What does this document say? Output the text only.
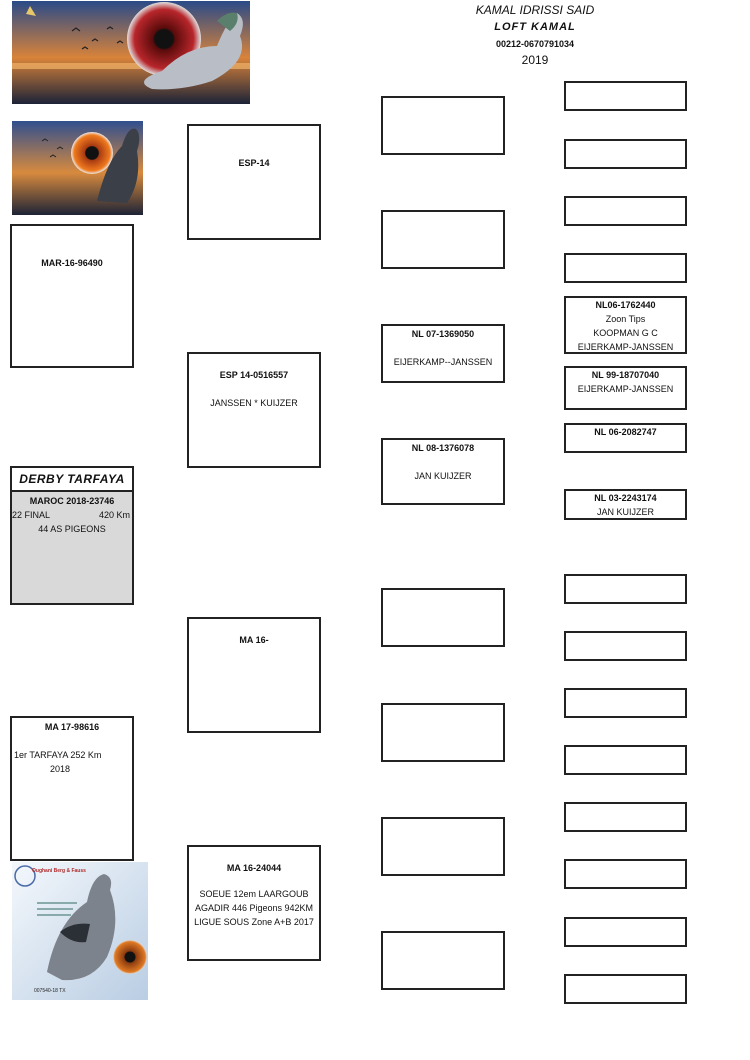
KAMAL IDRISSI SAID
LOFT KAMAL
00212-0670791034
2019
MAR-16-96490
DERBY TARFAYA
MAROC 2018-23746
22 FINAL	420 Km
44 AS PIGEONS
MA 17-98616
1er TARFAYA 252 Km
2018
Oughani Berg & Fauss
007540-18 TX
ESP-14
ESP 14-0516557
JANSSEN * KUIJZER
MA 16-
MA 16-24044
SOEUE 12em LAARGOUB
AGADIR 446 Pigeons 942KM
LIGUE SOUS Zone A+B 2017
NL 07-1369050
EIJERKAMP--JANSSEN
NL 08-1376078
JAN KUIJZER
NL06-1762440
Zoon Tips
KOOPMAN G C
EIJERKAMP-JANSSEN
NL 99-18707040
EIJERKAMP-JANSSEN
NL 06-2082747
NL 03-2243174
JAN KUIJZER
